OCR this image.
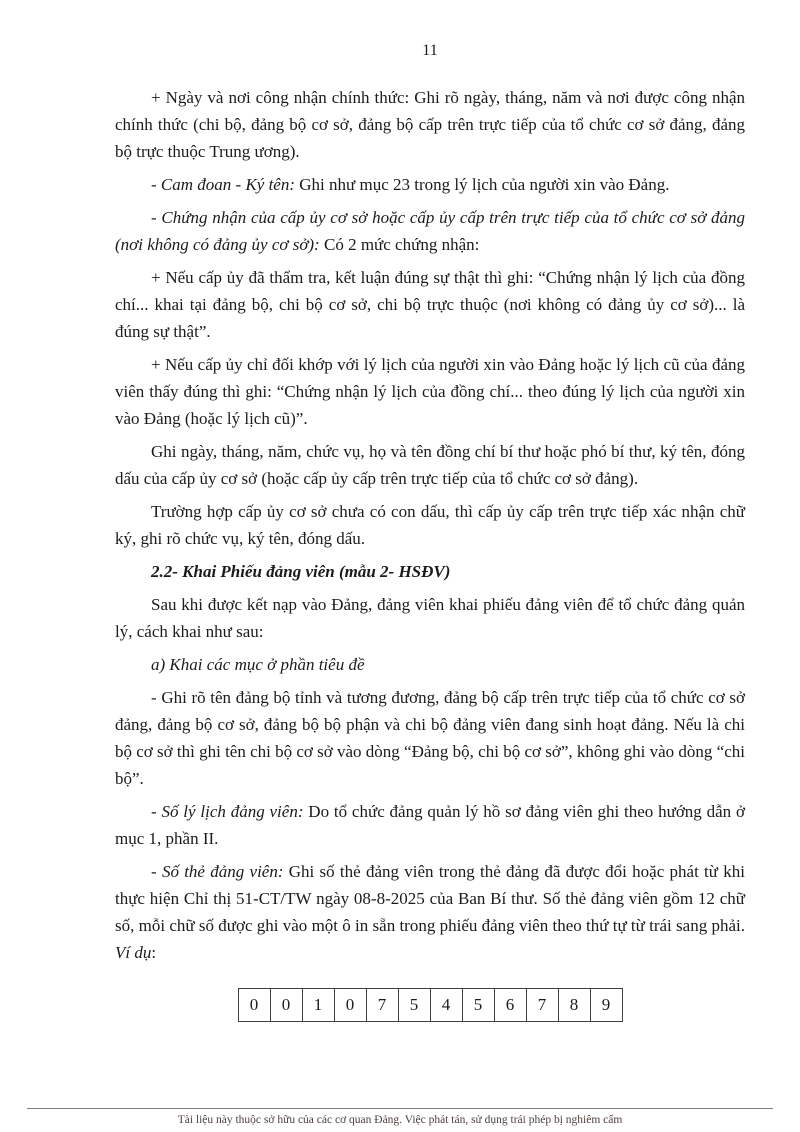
11

+ Ngày và nơi công nhận chính thức: Ghi rõ ngày, tháng, năm và nơi được công nhận chính thức (chi bộ, đảng bộ cơ sở, đảng bộ cấp trên trực tiếp của tổ chức cơ sở đảng, đảng bộ trực thuộc Trung ương).

- Cam đoan - Ký tên: Ghi như mục 23 trong lý lịch của người xin vào Đảng.

- Chứng nhận của cấp ủy cơ sở hoặc cấp ủy cấp trên trực tiếp của tổ chức cơ sở đảng (nơi không có đảng ủy cơ sở): Có 2 mức chứng nhận:

+ Nếu cấp ủy đã thẩm tra, kết luận đúng sự thật thì ghi: “Chứng nhận lý lịch của đồng chí... khai tại đảng bộ, chi bộ cơ sở, chi bộ trực thuộc (nơi không có đảng ủy cơ sở)... là đúng sự thật”.

+ Nếu cấp ủy chỉ đối khớp với lý lịch của người xin vào Đảng hoặc lý lịch cũ của đảng viên thấy đúng thì ghi: “Chứng nhận lý lịch của đồng chí... theo đúng lý lịch của người xin vào Đảng (hoặc lý lịch cũ)”.

Ghi ngày, tháng, năm, chức vụ, họ và tên đồng chí bí thư hoặc phó bí thư, ký tên, đóng dấu của cấp ủy cơ sở (hoặc cấp ủy cấp trên trực tiếp của tổ chức cơ sở đảng).

Trường hợp cấp ủy cơ sở chưa có con dấu, thì cấp ủy cấp trên trực tiếp xác nhận chữ ký, ghi rõ chức vụ, ký tên, đóng dấu.

2.2- Khai Phiếu đảng viên (mẫu 2- HSĐV)

Sau khi được kết nạp vào Đảng, đảng viên khai phiếu đảng viên để tổ chức đảng quản lý, cách khai như sau:

a) Khai các mục ở phần tiêu đề

- Ghi rõ tên đảng bộ tỉnh và tương đương, đảng bộ cấp trên trực tiếp của tổ chức cơ sở đảng, đảng bộ cơ sở, đảng bộ bộ phận và chi bộ đảng viên đang sinh hoạt đảng. Nếu là chi bộ cơ sở thì ghi tên chi bộ cơ sở vào dòng “Đảng bộ, chi bộ cơ sở”, không ghi vào dòng “chi bộ”.

- Số lý lịch đảng viên: Do tổ chức đảng quản lý hồ sơ đảng viên ghi theo hướng dẫn ở mục 1, phần II.

- Số thẻ đảng viên: Ghi số thẻ đảng viên trong thẻ đảng đã được đổi hoặc phát từ khi thực hiện Chỉ thị 51-CT/TW ngày 08-8-2025 của Ban Bí thư. Số thẻ đảng viên gồm 12 chữ số, mỗi chữ số được ghi vào một ô in sẵn trong phiếu đảng viên theo thứ tự từ trái sang phải. Ví dụ:

0	0	1	0	7	5	4	5	6	7	8	9
Tài liệu này thuộc sở hữu của các cơ quan Đảng. Việc phát tán, sử dụng trái phép bị nghiêm cấm
